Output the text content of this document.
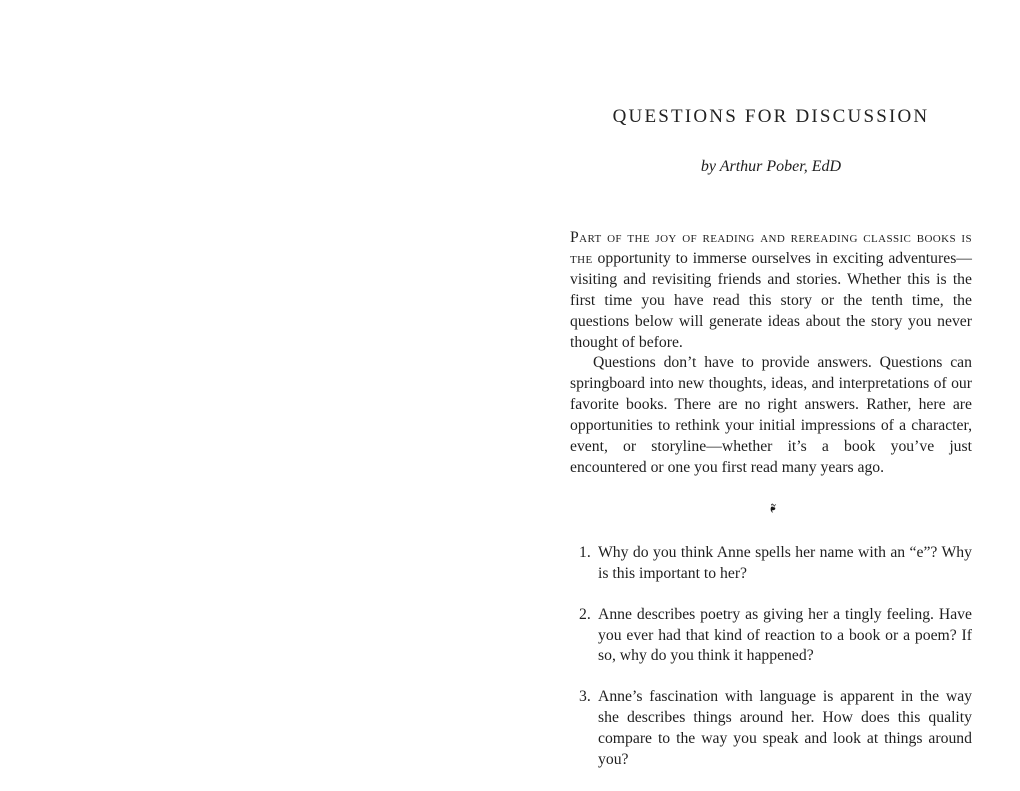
QUESTIONS FOR DISCUSSION
by Arthur Pober, EdD

Part of the joy of reading and rereading classic books is the opportunity to immerse ourselves in exciting adventures—visiting and revisiting friends and stories. Whether this is the first time you have read this story or the tenth time, the questions below will generate ideas about the story you never thought of before.

Questions don’t have to provide answers. Questions can springboard into new thoughts, ideas, and interpretations of our favorite books. There are no right answers. Rather, here are opportunities to rethink your initial impressions of a character, event, or storyline—whether it’s a book you’ve just encountered or one you first read many years ago.

❧
1. Why do you think Anne spells her name with an “e”? Why is this important to her?
2. Anne describes poetry as giving her a tingly feeling. Have you ever had that kind of reaction to a book or a poem? If so, why do you think it happened?
3. Anne’s fascination with language is apparent in the way she describes things around her. How does this quality compare to the way you speak and look at things around you?
